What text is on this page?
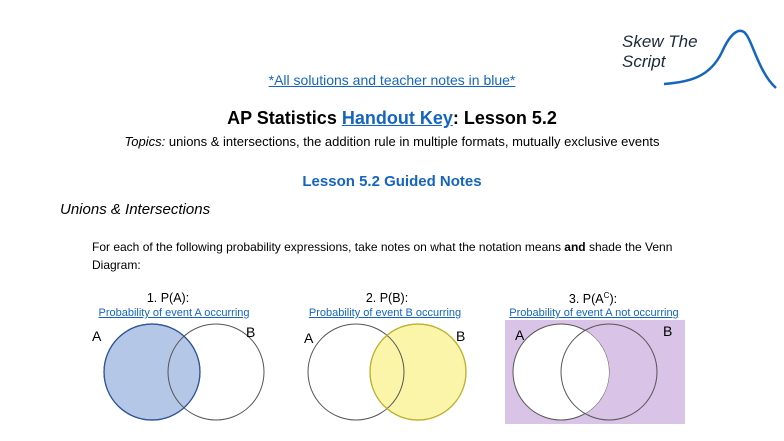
Skew The
Script
*All solutions and teacher notes in blue*
AP Statistics Handout Key: Lesson 5.2
Topics: unions & intersections, the addition rule in multiple formats, mutually exclusive events
Lesson 5.2 Guided Notes
Unions & Intersections
For each of the following probability expressions, take notes on what the notation means and shade the Venn Diagram:
1. P(A):
Probability of event A occurring
A	B
2. P(B):
Probability of event B occurring
A	B
3. $P(A^C)$:
Probability of event A not occurring
A	B
